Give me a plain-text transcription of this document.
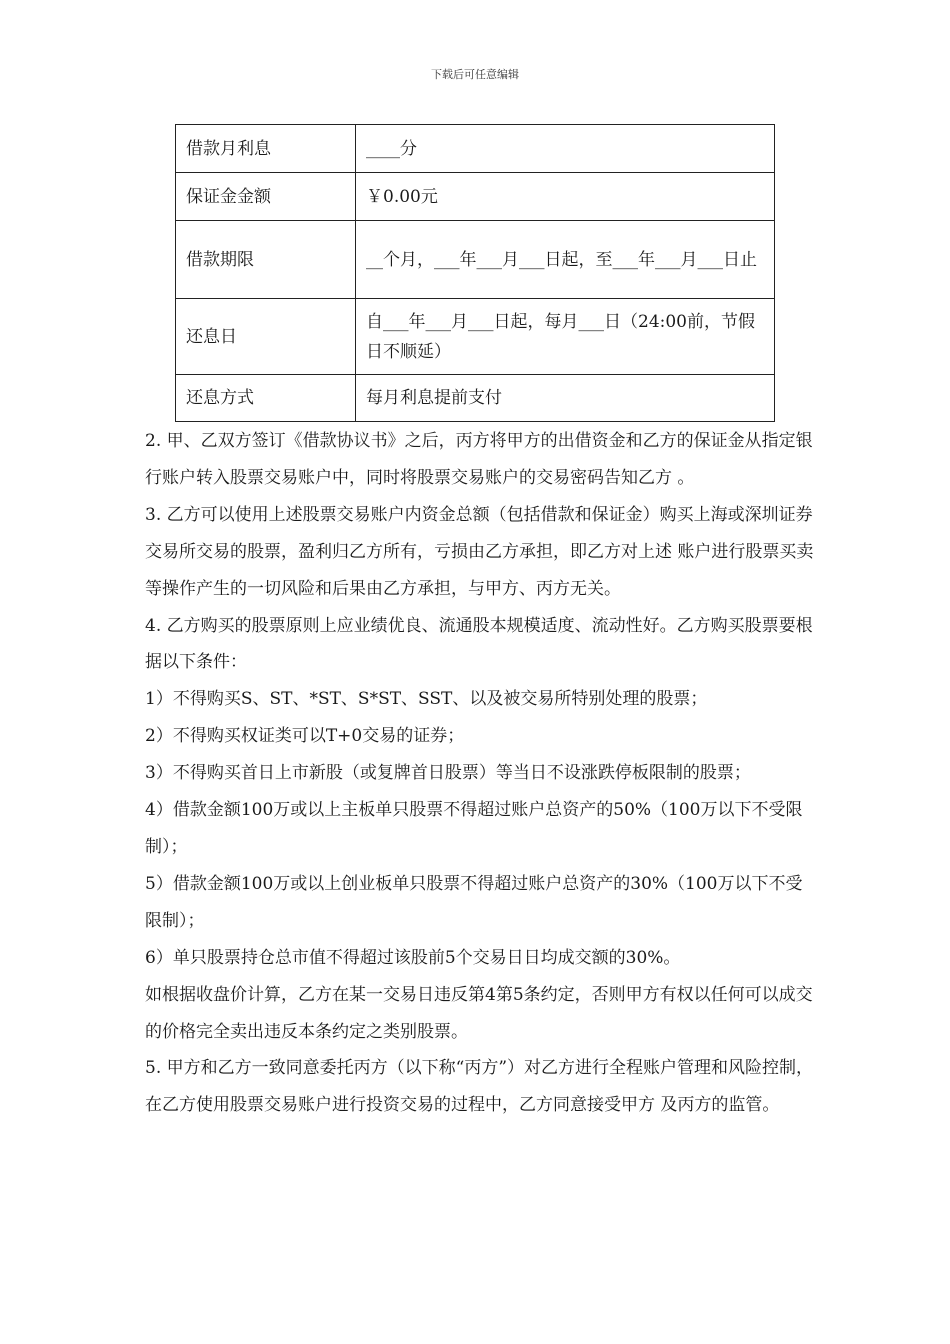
下载后可任意编辑
借款月利息	____分
保证金金额	￥0.00元
借款期限	__个月，___年___月___日起，至___年___月___日止
还息日	自___年___月___日起，每月___日（24:00前，节假日不顺延）
还息方式	每月利息提前支付

2. 甲、乙双方签订《借款协议书》之后，丙方将甲方的出借资金和乙方的保证金从指定银行账户转入股票交易账户中，同时将股票交易账户的交易密码告知乙方 。

3. 乙方可以使用上述股票交易账户内资金总额（包括借款和保证金）购买上海或深圳证券交易所交易的股票，盈利归乙方所有，亏损由乙方承担，即乙方对上述 账户进行股票买卖等操作产生的一切风险和后果由乙方承担，与甲方、丙方无关。

4. 乙方购买的股票原则上应业绩优良、流通股本规模适度、流动性好。乙方购买股票要根据以下条件：

1）不得购买S、ST、*ST、S*ST、SST、以及被交易所特别处理的股票；

2）不得购买权证类可以T+0交易的证券；

3）不得购买首日上市新股（或复牌首日股票）等当日不设涨跌停板限制的股票；

4）借款金额100万或以上主板单只股票不得超过账户总资产的50%（100万以下不受限制）；

5）借款金额100万或以上创业板单只股票不得超过账户总资产的30%（100万以下不受限制）；

6）单只股票持仓总市值不得超过该股前5个交易日日均成交额的30%。

如根据收盘价计算，乙方在某一交易日违反第4第5条约定，否则甲方有权以任何可以成交的价格完全卖出违反本条约定之类别股票。

5. 甲方和乙方一致同意委托丙方（以下称“丙方”）对乙方进行全程账户管理和风险控制，在乙方使用股票交易账户进行投资交易的过程中，乙方同意接受甲方 及丙方的监管。
